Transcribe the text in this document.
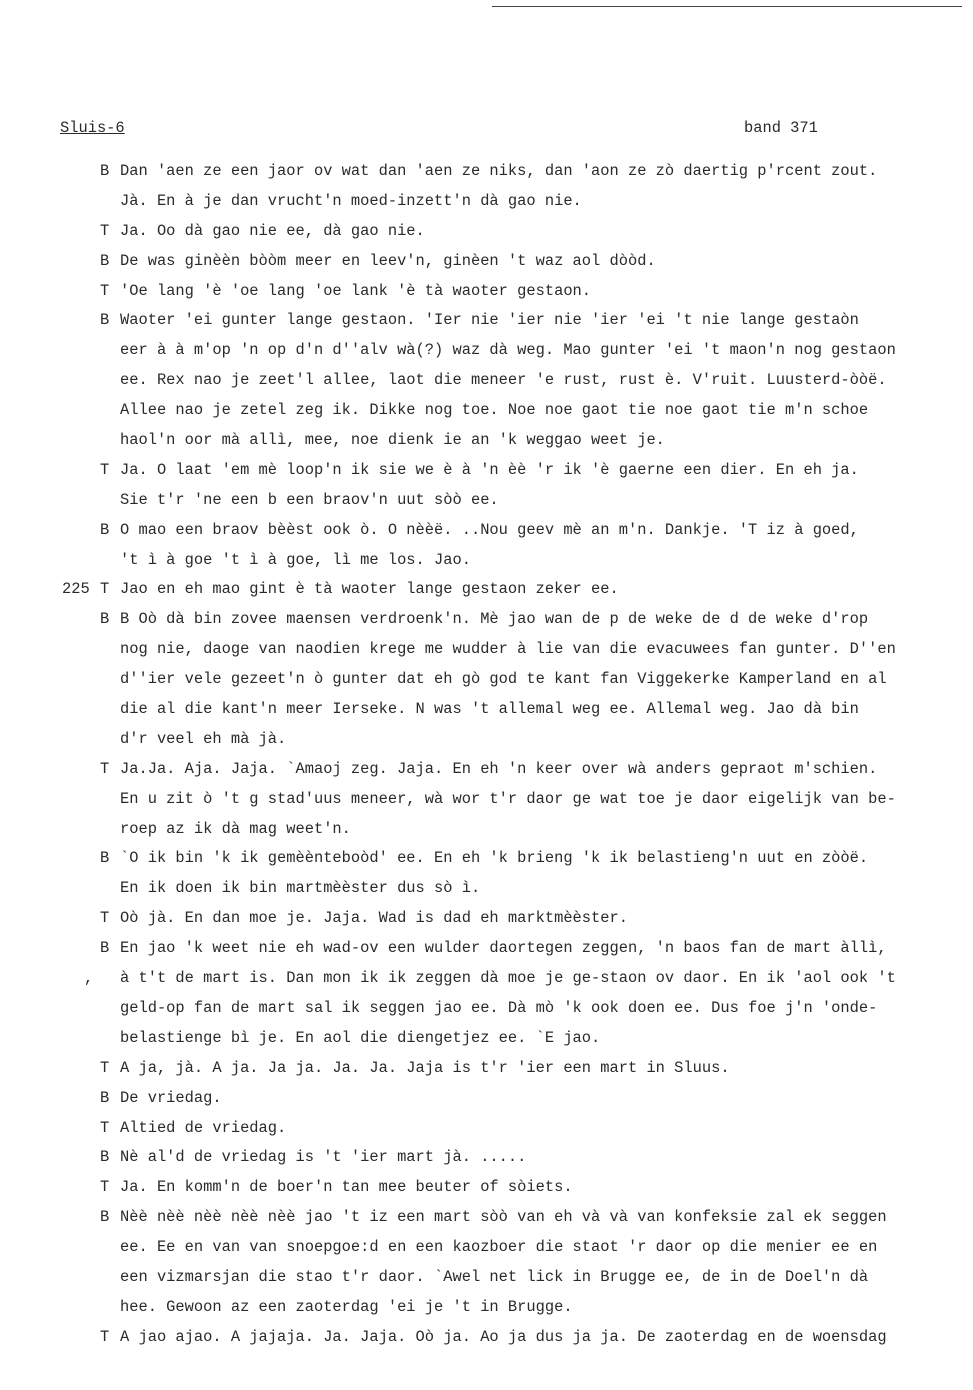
Sluis-6	band 371
B Dan 'aen ze een jaor ov wat dan 'aen ze niks, dan 'aon ze zò daertig p'rcent zout.
Jà. En à je dan vrucht'n moed-inzett'n dà gao nie.
T Ja. Oo dà gao nie ee, dà gao nie.
B De was ginèèn bòòm meer en leev'n, ginèen 't waz aol dòòd.
T 'Oe lang 'è 'oe lang 'oe lank 'è tà waoter gestaon.
B Waoter 'ei gunter lange gestaon. 'Ier nie 'ier nie 'ier 'ei 't nie lange gestaòn
eer à à m'op 'n op d'n d''alv wà(?) waz dà weg. Mao gunter 'ei 't maon'n nog gestaon
ee. Rex nao je zeet'l allee, laot die meneer 'e rust, rust è. V'ruit. Luusterd-òòë.
Allee nao je zetel zeg ik. Dikke nog toe. Noe noe gaot tie noe gaot tie m'n schoe
haol'n oor mà allì, mee, noe dienk ie an 'k weggao weet je.
T Ja. O laat 'em mè loop'n ik sie we è à 'n èè 'r ik 'è gaerne een dier. En eh ja.
Sie t'r 'ne een b een braov'n uut sòò ee.
B O mao een braov bèèst ook ò. O nèèë. ..Nou geev mè an m'n. Dankje. 'T iz à goed,
't ì à goe 't ì à goe, lì me los. Jao.
225 T Jao en eh mao gint è tà waoter lange gestaon zeker ee.
B B Oò dà bin zovee maensen verdroenk'n. Mè jao wan de p de weke de d de weke d'rop
nog nie, daoge van naodien krege me wudder à lie van die evacuwees fan gunter. D''en
d''ier vele gezeet'n ò gunter dat eh gò god te kant fan Viggekerke Kamperland en al
die al die kant'n meer Ierseke. N was 't allemal weg ee. Allemal weg. Jao dà bin
d'r veel eh mà jà.
T Ja.Ja. Aja. Jaja. `Amaoj zeg. Jaja. En eh 'n keer over wà anders gepraot m'schien.
En u zit ò 't g stad'uus meneer, wà wor t'r daor ge wat toe je daor eigelijk van be-
roep az ik dà mag weet'n.
B `O ik bin 'k ik gemèènteboòd' ee. En eh 'k brieng 'k ik belastieng'n uut en zòòë.
En ik doen ik bin martmèèster dus sò ì.
T Oò jà. En dan moe je. Jaja. Wad is dad eh marktmèèster.
B En jao 'k weet nie eh wad-ov een wulder daortegen zeggen, 'n baos fan de mart àllì,
, à t't de mart is. Dan mon ik ik zeggen dà moe je ge-staon ov daor. En ik 'aol ook 't
geld-op fan de mart sal ik seggen jao ee. Dà mò 'k ook doen ee. Dus foe j'n 'onde-
belastienge bì je. En aol die diengetjez ee. `E jao.
T A ja, jà. A ja. Ja ja. Ja. Ja. Jaja is t'r 'ier een mart in Sluus.
B De vriedag.
T Altied de vriedag.
B Nè al'd de vriedag is 't 'ier mart jà. .....
T Ja. En komm'n de boer'n tan mee beuter of sòiets.
B Nèè nèè nèè nèè nèè jao 't iz een mart sòò van eh và và van konfeksie zal ek seggen
ee. Ee en van van snoepgoe:d en een kaozboer die staot 'r daor op die menier ee en
een vizmarsjan die stao t'r daor. `Awel net lick in Brugge ee, de in de Doel'n dà
hee. Gewoon az een zaoterdag 'ei je 't in Brugge.
T A jao ajao. A jajaja. Ja. Jaja. Oò ja. Ao ja dus ja ja. De zaoterdag en de woensdag
